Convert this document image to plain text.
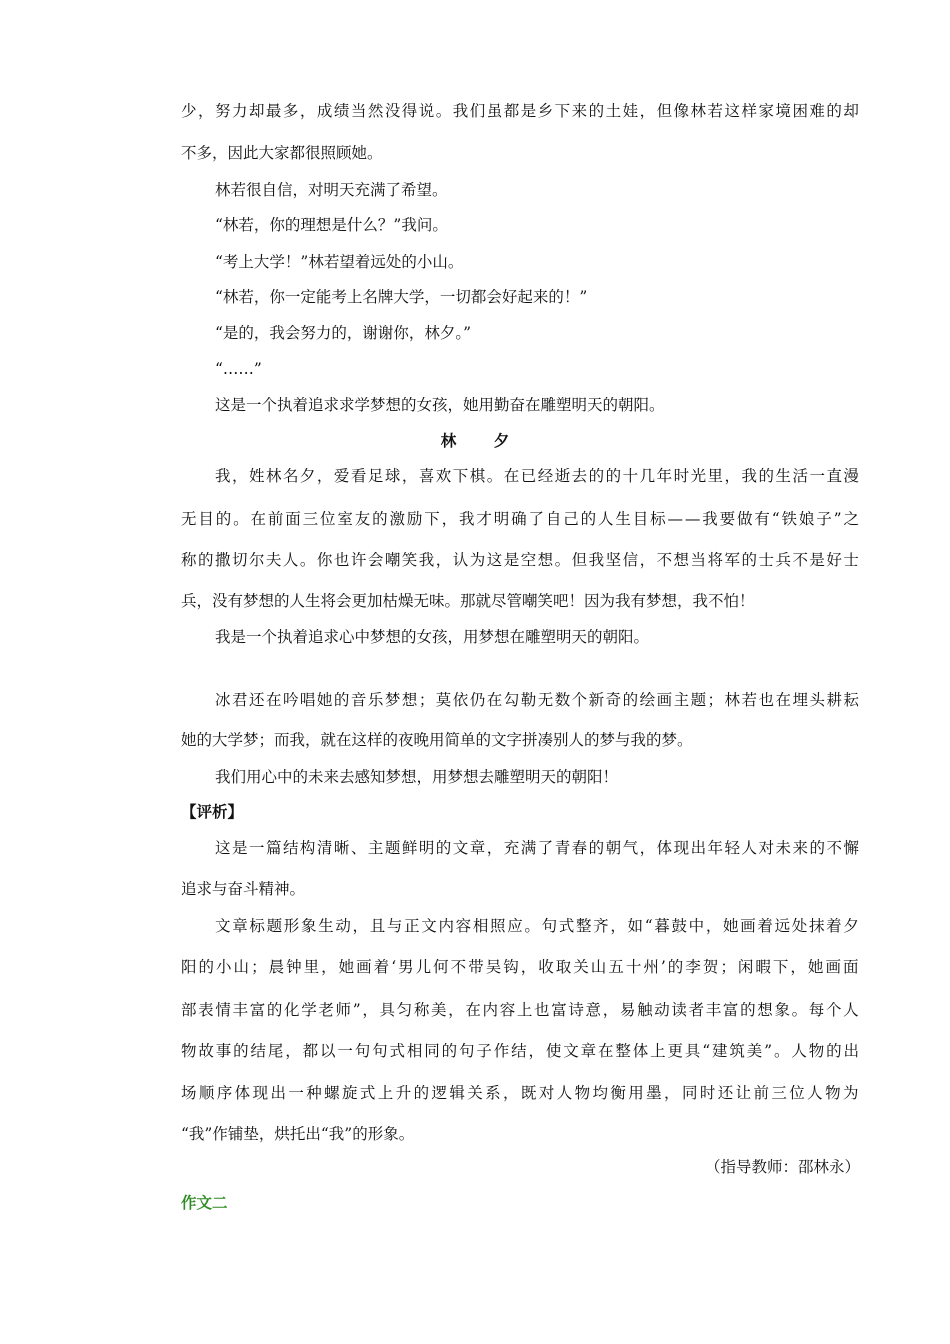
少 ， 努 力 却 最 多 ， 成 绩 当 然 没 得 说 。 我 们 虽 都 是 乡 下 来 的 土 娃 ， 但 像 林 若 这 样 家 境 困 难 的 却
不多，因此大家都很照顾她。
林若很自信，对明天充满了希望。
“林若，你的理想是什么？”我问。
“考上大学！”林若望着远处的小山。
“林若，你一定能考上名牌大学，一切都会好起来的！”
“是的，我会努力的，谢谢你，林夕。”
“……”
这是一个执着追求求学梦想的女孩，她用勤奋在雕塑明天的朝阳。
林 夕
我 ， 姓 林 名 夕 ， 爱 看 足 球 ， 喜 欢 下 棋 。 在 已 经 逝 去 的 的 十 几 年 时 光 里 ， 我 的 生 活 一 直 漫
无 目 的 。 在 前 面 三 位 室 友 的 激 励 下 ， 我 才 明 确 了 自 己 的 人 生 目 标 — — 我 要 做 有 “ 铁 娘 子 ” 之
称 的 撒 切 尔 夫 人 。 你 也 许 会 嘲 笑 我 ， 认 为 这 是 空 想 。 但 我 坚 信 ， 不 想 当 将 军 的 士 兵 不 是 好 士
兵，没有梦想的人生将会更加枯燥无味。那就尽管嘲笑吧！因为我有梦想，我不怕！
我是一个执着追求心中梦想的女孩，用梦想在雕塑明天的朝阳。
冰 君 还 在 吟 唱 她 的 音 乐 梦 想 ； 莫 依 仍 在 勾 勒 无 数 个 新 奇 的 绘 画 主 题 ； 林 若 也 在 埋 头 耕 耘
她的大学梦；而我，就在这样的夜晚用简单的文字拼凑别人的梦与我的梦。
我们用心中的未来去感知梦想，用梦想去雕塑明天的朝阳！
【评析】
这 是 一 篇 结 构 清 晰 、 主 题 鲜 明 的 文 章 ， 充 满 了 青 春 的 朝 气 ， 体 现 出 年 轻 人 对 未 来 的 不 懈
追求与奋斗精神。
文 章 标 题 形 象 生 动 ， 且 与 正 文 内 容 相 照 应 。 句 式 整 齐 ， 如 “ 暮 鼓 中 ， 她 画 着 远 处 抹 着 夕
阳 的 小 山 ； 晨 钟 里 ， 她 画 着 ‘ 男 儿 何 不 带 吴 钩 ， 收 取 关 山 五 十 州 ’ 的 李 贺 ； 闲 暇 下 ， 她 画 面
部 表 情 丰 富 的 化 学 老 师 ” ， 具 匀 称 美 ， 在 内 容 上 也 富 诗 意 ， 易 触 动 读 者 丰 富 的 想 象 。 每 个 人
物 故 事 的 结 尾 ， 都 以 一 句 句 式 相 同 的 句 子 作 结 ， 使 文 章 在 整 体 上 更 具 “ 建 筑 美 ” 。 人 物 的 出
场 顺 序 体 现 出 一 种 螺 旋 式 上 升 的 逻 辑 关 系 ， 既 对 人 物 均 衡 用 墨 ， 同 时 还 让 前 三 位 人 物 为
“我”作铺垫，烘托出“我”的形象。
（指导教师：邵林永）
作文二
